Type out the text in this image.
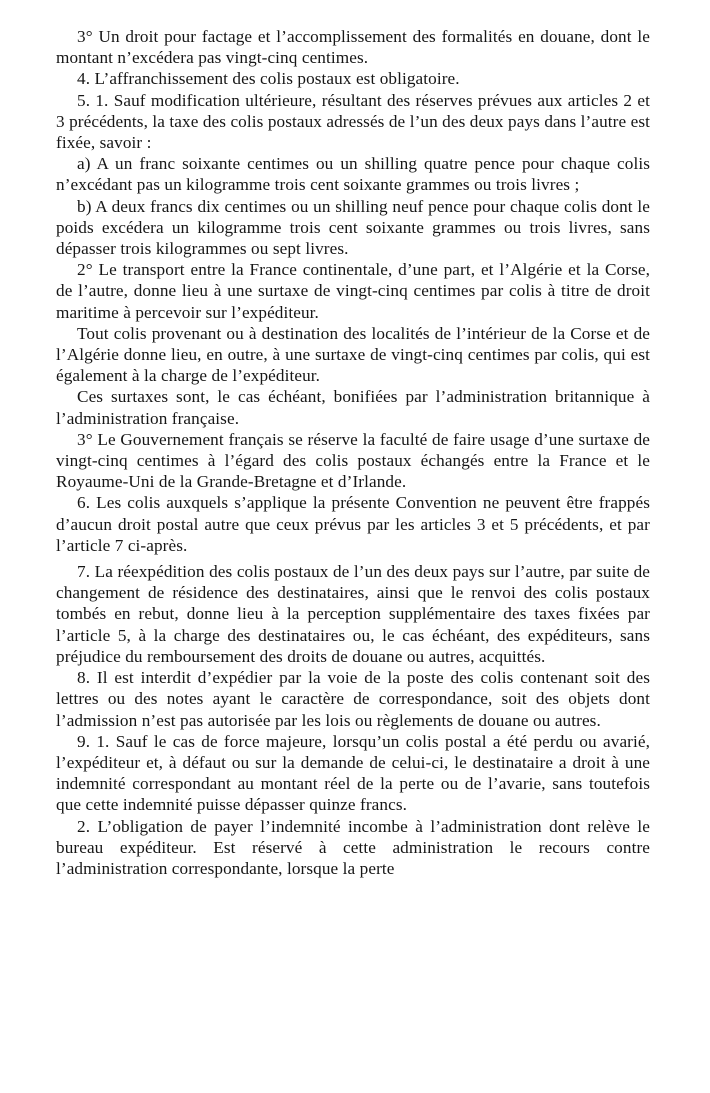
3° Un droit pour factage et l’accomplissement des formalités en douane, dont le montant n’excédera pas vingt-cinq centimes.

4. L’affranchissement des colis postaux est obligatoire.

5. 1. Sauf modification ultérieure, résultant des réserves prévues aux articles 2 et 3 précédents, la taxe des colis postaux adressés de l’un des deux pays dans l’autre est fixée, savoir :

a) A un franc soixante centimes ou un shilling quatre pence pour chaque colis n’excédant pas un kilogramme trois cent soixante grammes ou trois livres ;

b) A deux francs dix centimes ou un shilling neuf pence pour chaque colis dont le poids excédera un kilogramme trois cent soixante grammes ou trois livres, sans dépasser trois kilogrammes ou sept livres.

2° Le transport entre la France continentale, d’une part, et l’Algérie et la Corse, de l’autre, donne lieu à une surtaxe de vingt-cinq centimes par colis à titre de droit maritime à percevoir sur l’expéditeur.

Tout colis provenant ou à destination des localités de l’intérieur de la Corse et de l’Algérie donne lieu, en outre, à une surtaxe de vingt-cinq centimes par colis, qui est également à la charge de l’expéditeur.

Ces surtaxes sont, le cas échéant, bonifiées par l’administration britannique à l’administration française.

3° Le Gouvernement français se réserve la faculté de faire usage d’une surtaxe de vingt-cinq centimes à l’égard des colis postaux échangés entre la France et le Royaume-Uni de la Grande-Bretagne et d’Irlande.

6. Les colis auxquels s’applique la présente Convention ne peuvent être frappés d’aucun droit postal autre que ceux prévus par les articles 3 et 5 précédents, et par l’article 7 ci-après.

7. La réexpédition des colis postaux de l’un des deux pays sur l’autre, par suite de changement de résidence des destinataires, ainsi que le renvoi des colis postaux tombés en rebut, donne lieu à la perception supplémentaire des taxes fixées par l’article 5, à la charge des destinataires ou, le cas échéant, des expéditeurs, sans préjudice du remboursement des droits de douane ou autres, acquittés.

8. Il est interdit d’expédier par la voie de la poste des colis contenant soit des lettres ou des notes ayant le caractère de correspondance, soit des objets dont l’admission n’est pas autorisée par les lois ou règlements de douane ou autres.

9. 1. Sauf le cas de force majeure, lorsqu’un colis postal a été perdu ou avarié, l’expéditeur et, à défaut ou sur la demande de celui-ci, le destinataire a droit à une indemnité correspondant au montant réel de la perte ou de l’avarie, sans toutefois que cette indemnité puisse dépasser quinze francs.

2. L’obligation de payer l’indemnité incombe à l’administration dont relève le bureau expéditeur. Est réservé à cette administration le recours contre l’administration correspondante, lorsque la perte
